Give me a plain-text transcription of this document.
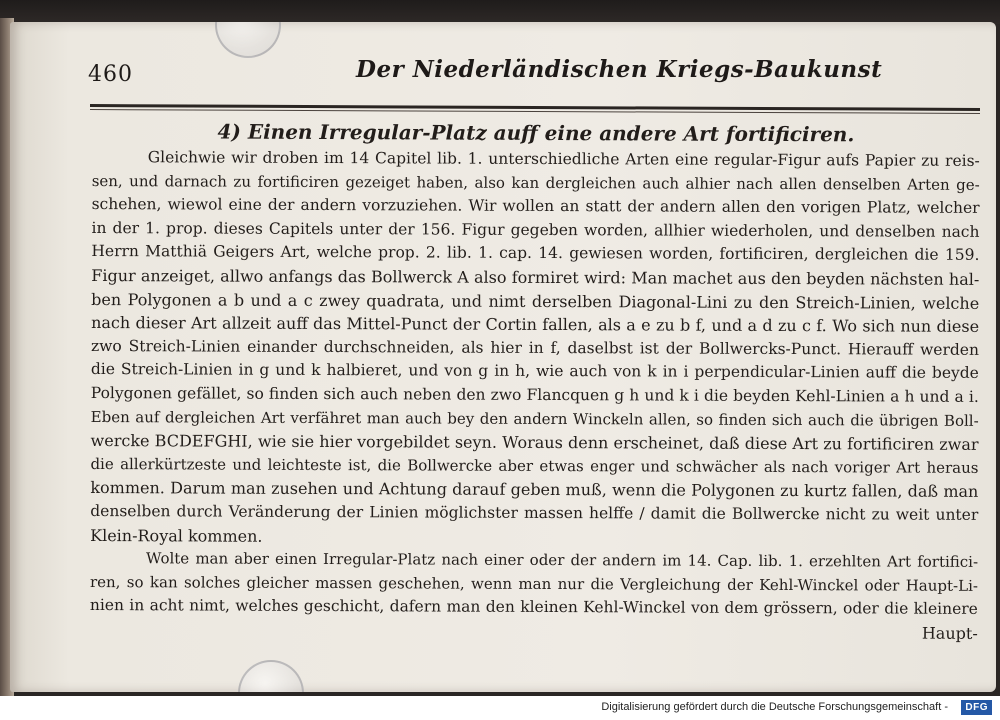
460	Der Niederländischen Kriegs-Baukunst
4) Einen Irregular-Platz auff eine andere Art fortificiren.
Gleichwie wir droben im 14 Capitel lib. 1. unterschiedliche Arten eine regular-Figur aufs Papier zu reis-
sen, und darnach zu fortificiren gezeiget haben, also kan dergleichen auch alhier nach allen denselben Arten ge-
schehen, wiewol eine der andern vorzuziehen. Wir wollen an statt der andern allen den vorigen Platz, welcher
in der 1. prop. dieses Capitels unter der 156. Figur gegeben worden, allhier wiederholen, und denselben nach
Herrn Matthiä Geigers Art, welche prop. 2. lib. 1. cap. 14. gewiesen worden, fortificiren, dergleichen die 159.
Figur anzeiget, allwo anfangs das Bollwerck A also formiret wird: Man machet aus den beyden nächsten hal-
ben Polygonen a b und a c zwey quadrata, und nimt derselben Diagonal-Lini zu den Streich-Linien, welche
nach dieser Art allzeit auff das Mittel-Punct der Cortin fallen, als a e zu b f, und a d zu c f. Wo sich nun diese
zwo Streich-Linien einander durchschneiden, als hier in f, daselbst ist der Bollwercks-Punct. Hierauff werden
die Streich-Linien in g und k halbieret, und von g in h, wie auch von k in i perpendicular-Linien auff die beyde
Polygonen gefället, so finden sich auch neben den zwo Flancquen g h und k i die beyden Kehl-Linien a h und a i.
Eben auf dergleichen Art verfähret man auch bey den andern Winckeln allen, so finden sich auch die übrigen Boll-
wercke BCDEFGHI, wie sie hier vorgebildet seyn. Woraus denn erscheinet, daß diese Art zu fortificiren zwar
die allerkürtzeste und leichteste ist, die Bollwercke aber etwas enger und schwächer als nach voriger Art heraus
kommen. Darum man zusehen und Achtung darauf geben muß, wenn die Polygonen zu kurtz fallen, daß man
denselben durch Veränderung der Linien möglichster massen helffe / damit die Bollwercke nicht zu weit unter
Klein-Royal kommen.
Wolte man aber einen Irregular-Platz nach einer oder der andern im 14. Cap. lib. 1. erzehlten Art fortifici-
ren, so kan solches gleicher massen geschehen, wenn man nur die Vergleichung der Kehl-Winckel oder Haupt-Li-
nien in acht nimt, welches geschicht, dafern man den kleinen Kehl-Winckel von dem grössern, oder die kleinere
Haupt-
Digitalisierung gefördert durch die Deutsche Forschungsgemeinschaft -	DFG
